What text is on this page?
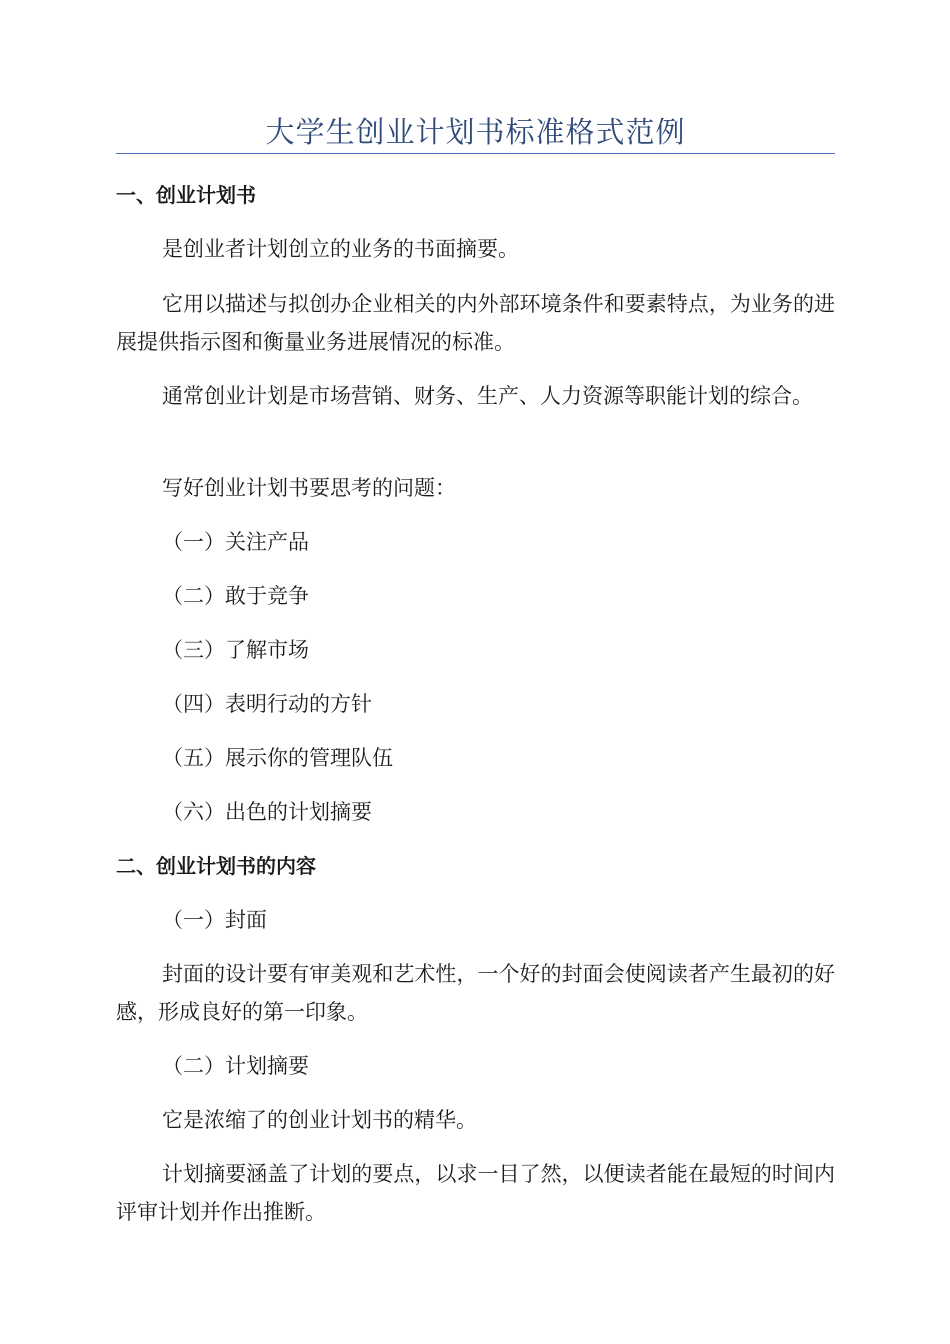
大学生创业计划书标准格式范例
一、创业计划书
是创业者计划创立的业务的书面摘要。
它用以描述与拟创办企业相关的内外部环境条件和要素特点，为业务的进展提供指示图和衡量业务进展情况的标准。
通常创业计划是市场营销、财务、生产、人力资源等职能计划的综合。
写好创业计划书要思考的问题：
（一）关注产品
（二）敢于竞争
（三）了解市场
（四）表明行动的方针
（五）展示你的管理队伍
（六）出色的计划摘要
二、创业计划书的内容
（一）封面
封面的设计要有审美观和艺术性，一个好的封面会使阅读者产生最初的好感，形成良好的第一印象。
（二）计划摘要
它是浓缩了的创业计划书的精华。
计划摘要涵盖了计划的要点，以求一目了然，以便读者能在最短的时间内评审计划并作出推断。
